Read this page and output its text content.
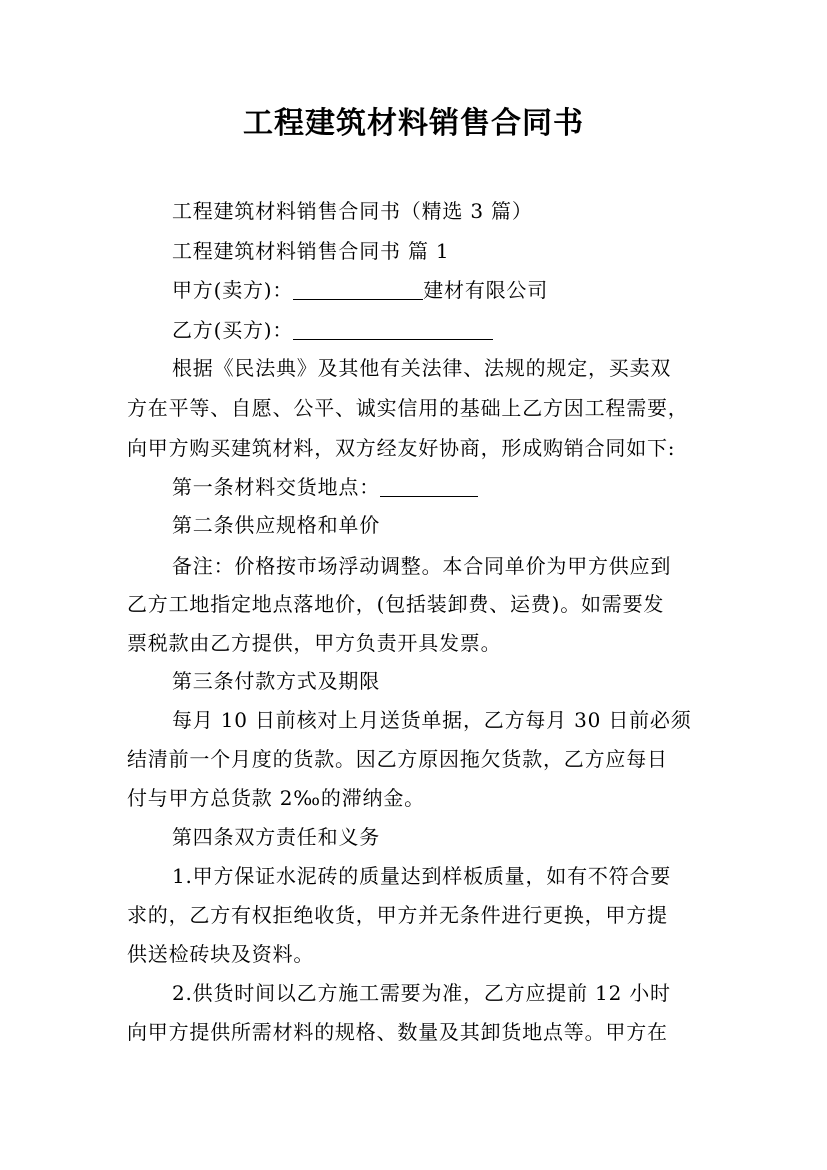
工程建筑材料销售合同书
工程建筑材料销售合同书（精选 3 篇）
工程建筑材料销售合同书 篇 1
甲方(卖方)：	建材有限公司
乙方(买方)：
根据《民法典》及其他有关法律、法规的规定，买卖双
方在平等、自愿、公平、诚实信用的基础上乙方因工程需要，
向甲方购买建筑材料，双方经友好协商，形成购销合同如下:
第一条材料交货地点：
第二条供应规格和单价
备注：价格按市场浮动调整。本合同单价为甲方供应到
乙方工地指定地点落地价，(包括装卸费、运费)。如需要发
票税款由乙方提供，甲方负责开具发票。
第三条付款方式及期限
每月 10 日前核对上月送货单据，乙方每月 30 日前必须
结清前一个月度的货款。因乙方原因拖欠货款，乙方应每日
付与甲方总货款 2‰的滞纳金。
第四条双方责任和义务
1.甲方保证水泥砖的质量达到样板质量，如有不符合要
求的，乙方有权拒绝收货，甲方并无条件进行更换，甲方提
供送检砖块及资料。
2.供货时间以乙方施工需要为准，乙方应提前 12 小时
向甲方提供所需材料的规格、数量及其卸货地点等。甲方在
